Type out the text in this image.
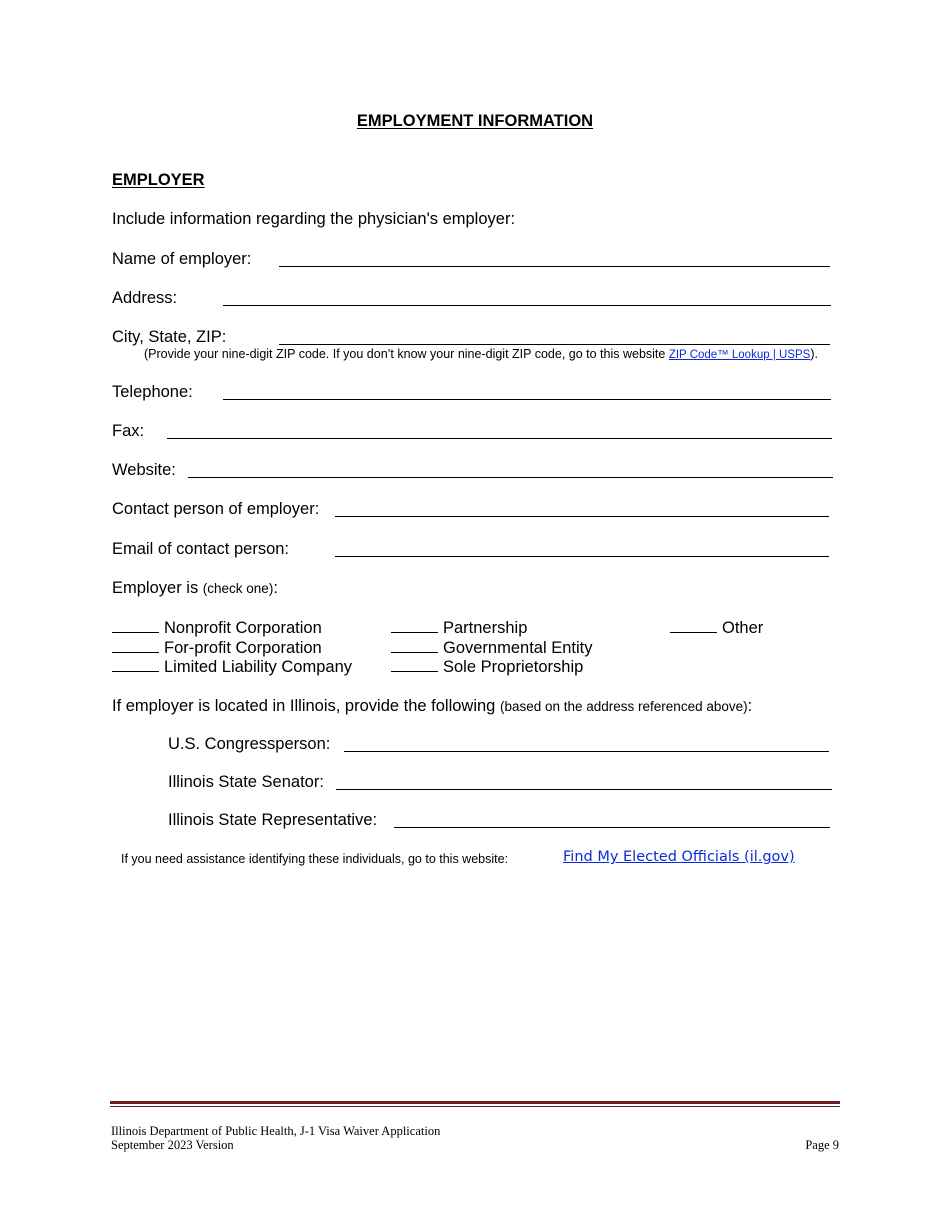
EMPLOYMENT INFORMATION
EMPLOYER
Include information regarding the physician's employer:
Name of employer:
Address:
City, State, ZIP:
(Provide your nine-digit ZIP code. If you don’t know your nine-digit ZIP code, go to this website ZIP Code™ Lookup | USPS).
Telephone:
Fax:
Website:
Contact person of employer:
Email of contact person:
Employer is (check one):
Nonprofit Corporation
For-profit Corporation
Limited Liability Company
Partnership
Governmental Entity
Sole Proprietorship
Other
If employer is located in Illinois, provide the following (based on the address referenced above):
U.S. Congressperson:
Illinois State Senator:
Illinois State Representative:
If you need assistance identifying these individuals, go to this website:	Find My Elected Officials (il.gov)
Illinois Department of Public Health, J-1 Visa Waiver Application
September 2023 Version	Page 9
